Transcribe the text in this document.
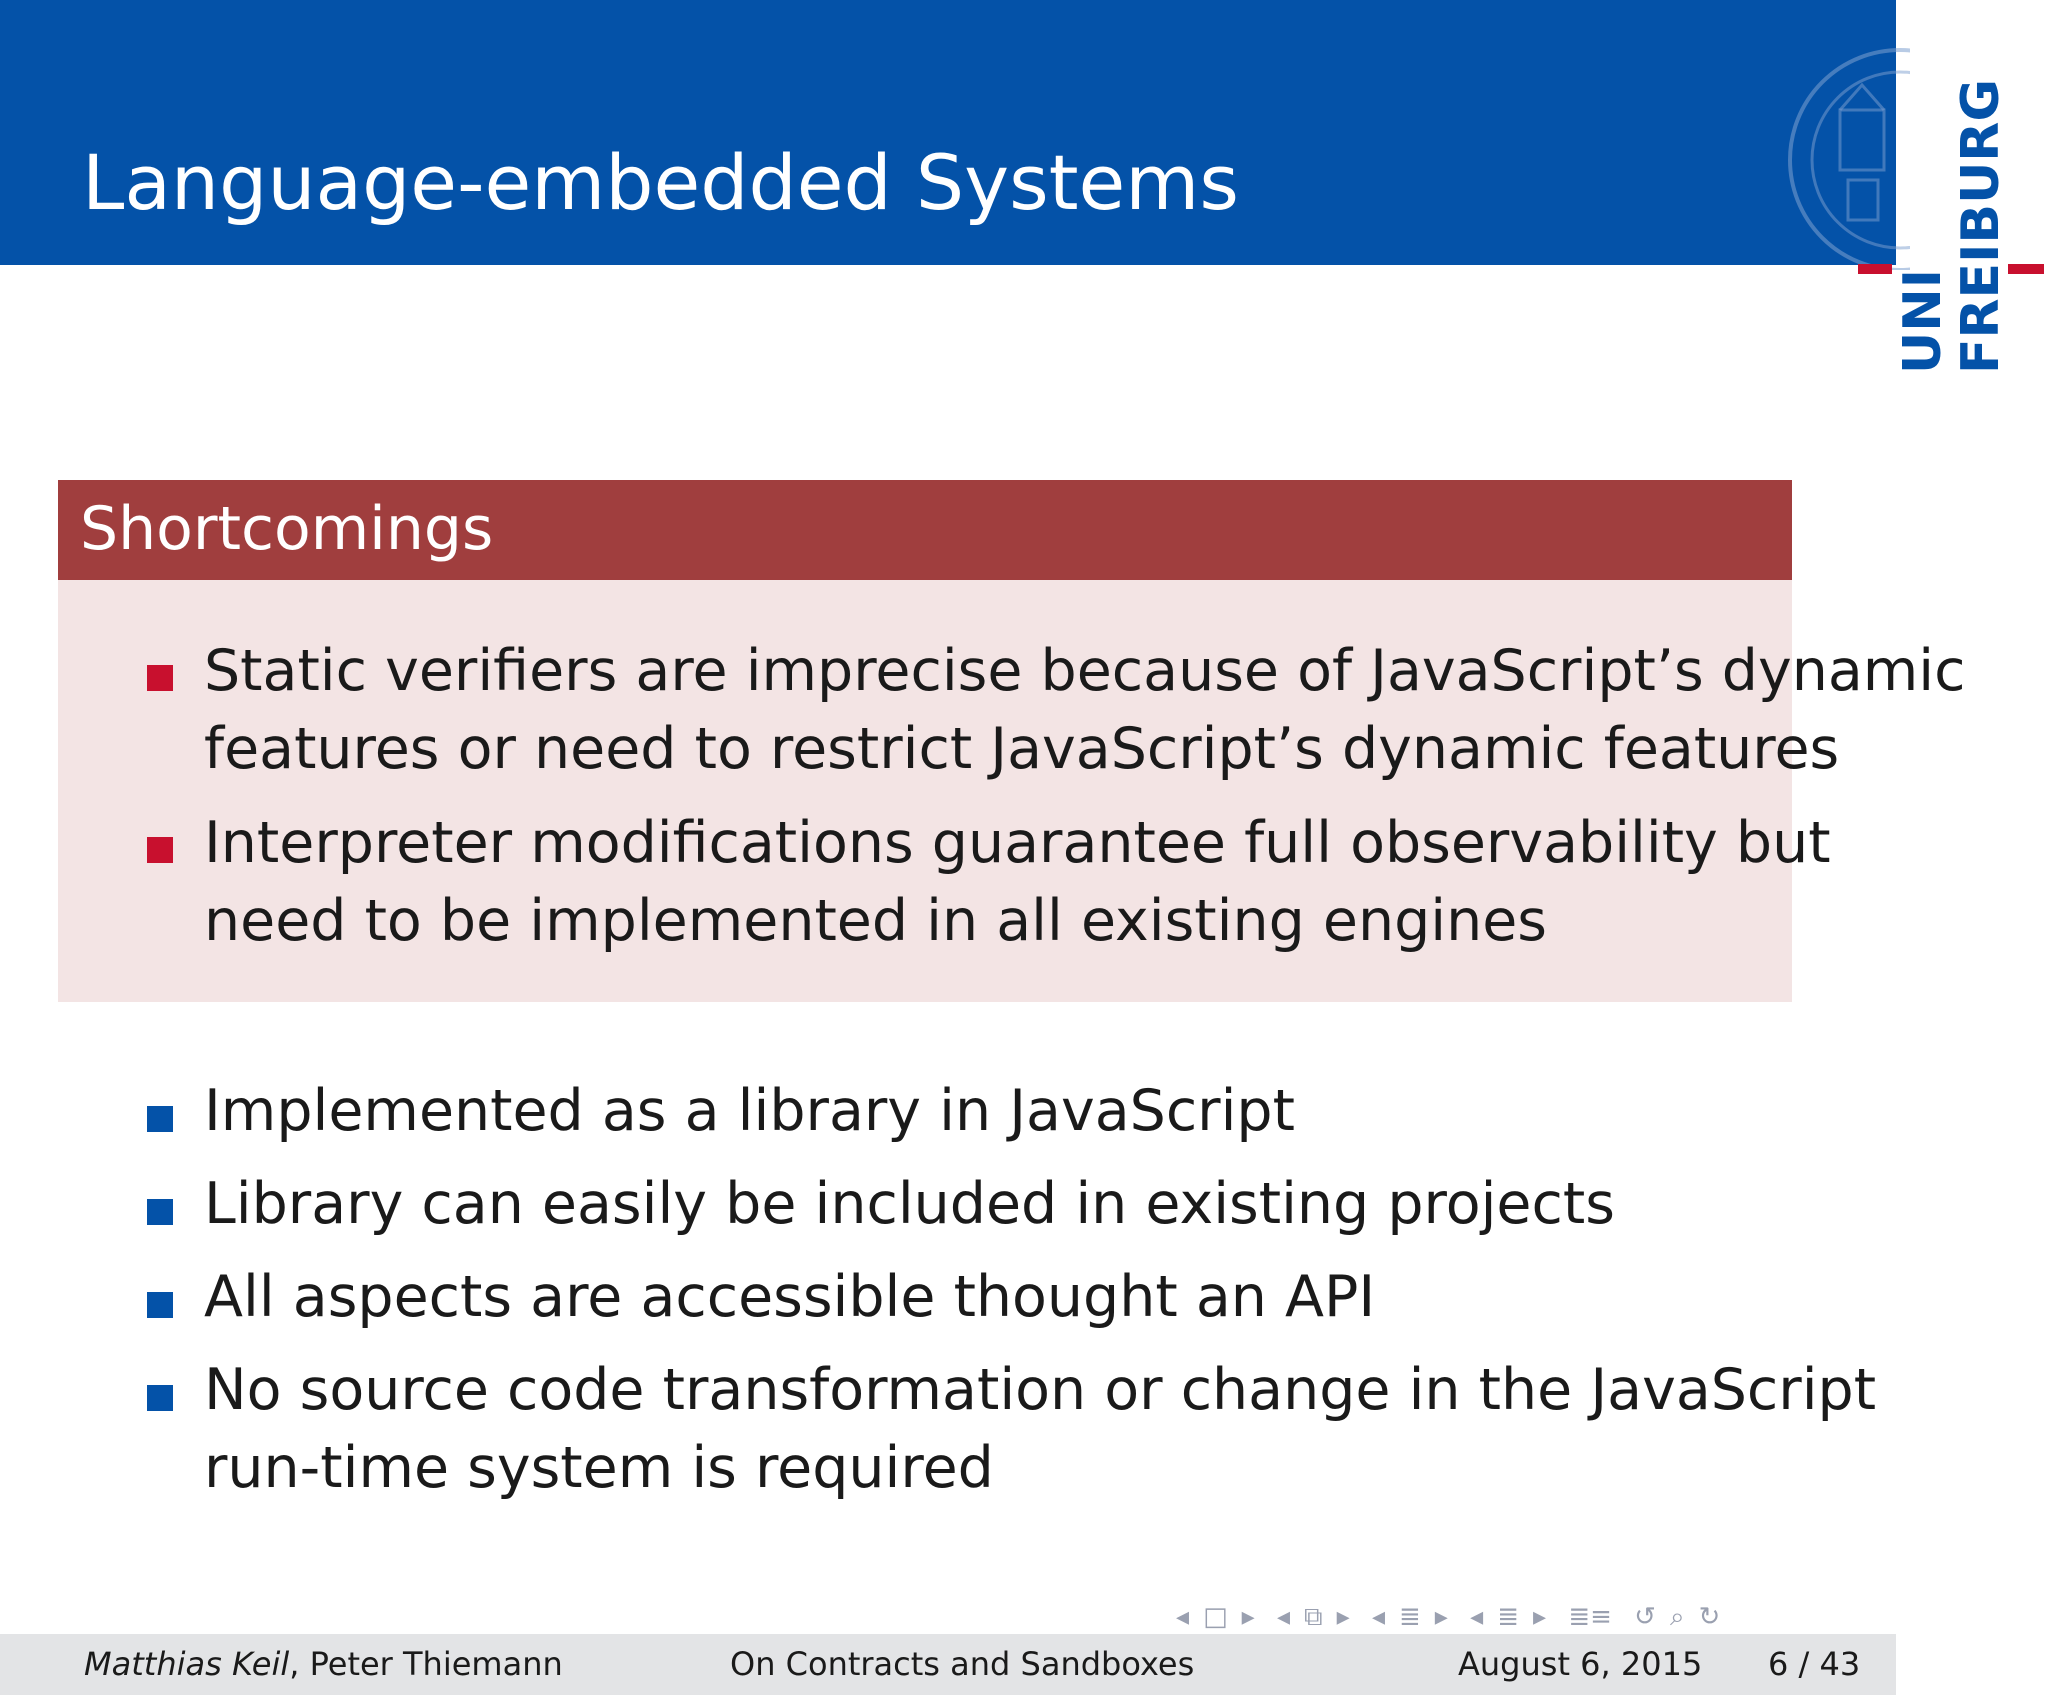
Language-embedded Systems
UNI
FREIBURG
Shortcomings
Static verifiers are imprecise because of JavaScript’s dynamic
features or need to restrict JavaScript’s dynamic features
Interpreter modifications guarantee full observability but
need to be implemented in all existing engines
Implemented as a library in JavaScript
Library can easily be included in existing projects
All aspects are accessible thought an API
No source code transformation or change in the JavaScript
run-time system is required
◂ □ ▸ ◂ ⧉ ▸ ◂ ≣ ▸ ◂ ≣ ▸ ≣≡ ↺ ⌕ ↻
Matthias Keil, Peter Thiemann	On Contracts and Sandboxes	August 6, 2015 6 / 43
